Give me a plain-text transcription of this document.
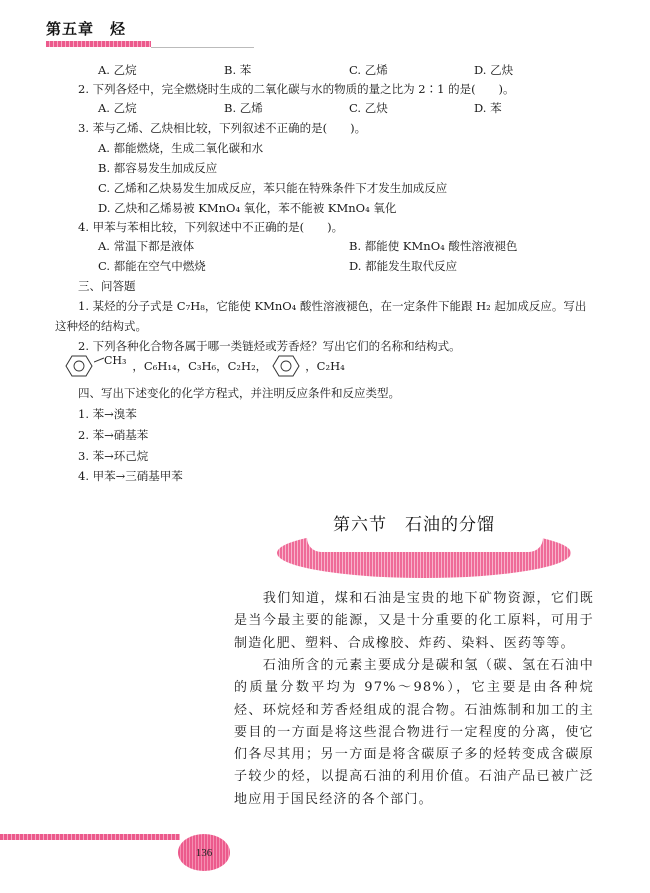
第五章　烃
A. 乙烷	B. 苯	C. 乙烯	D. 乙炔
2. 下列各烃中，完全燃烧时生成的二氧化碳与水的物质的量之比为 2∶1 的是(　　)。
A. 乙烷	B. 乙烯	C. 乙炔	D. 苯
3. 苯与乙烯、乙炔相比较，下列叙述不正确的是(　　)。
A. 都能燃烧，生成二氧化碳和水
B. 都容易发生加成反应
C. 乙烯和乙炔易发生加成反应，苯只能在特殊条件下才发生加成反应
D. 乙炔和乙烯易被 KMnO₄ 氧化，苯不能被 KMnO₄ 氧化
4. 甲苯与苯相比较，下列叙述中不正确的是(　　)。
A. 常温下都是液体	B. 都能使 KMnO₄ 酸性溶液褪色
C. 都能在空气中燃烧	D. 都能发生取代反应
三、问答题
1. 某烃的分子式是 C₇H₈，它能使 KMnO₄ 酸性溶液褪色，在一定条件下能跟 H₂ 起加成反应。写出
这种烃的结构式。
2. 下列各种化合物各属于哪一类链烃或芳香烃？写出它们的名称和结构式。
CH₃ ，C₆H₁₄，C₃H₆，C₂H₂，	，C₂H₄
四、写出下述变化的化学方程式，并注明反应条件和反应类型。
1. 苯→溴苯
2. 苯→硝基苯
3. 苯→环己烷
4. 甲苯→三硝基甲苯
第六节　石油的分馏
　　我们知道，煤和石油是宝贵的地下矿物资源，它们既是当今最主要的能源，又是十分重要的化工原料，可用于制造化肥、塑料、合成橡胶、炸药、染料、医药等等。
　　石油所含的元素主要成分是碳和氢（碳、氢在石油中的质量分数平均为 97%～98%），它主要是由各种烷烃、环烷烃和芳香烃组成的混合物。石油炼制和加工的主要目的一方面是将这些混合物进行一定程度的分离，使它们各尽其用；另一方面是将含碳原子多的烃转变成含碳原子较少的烃，以提高石油的利用价值。石油产品已被广泛地应用于国民经济的各个部门。
136
